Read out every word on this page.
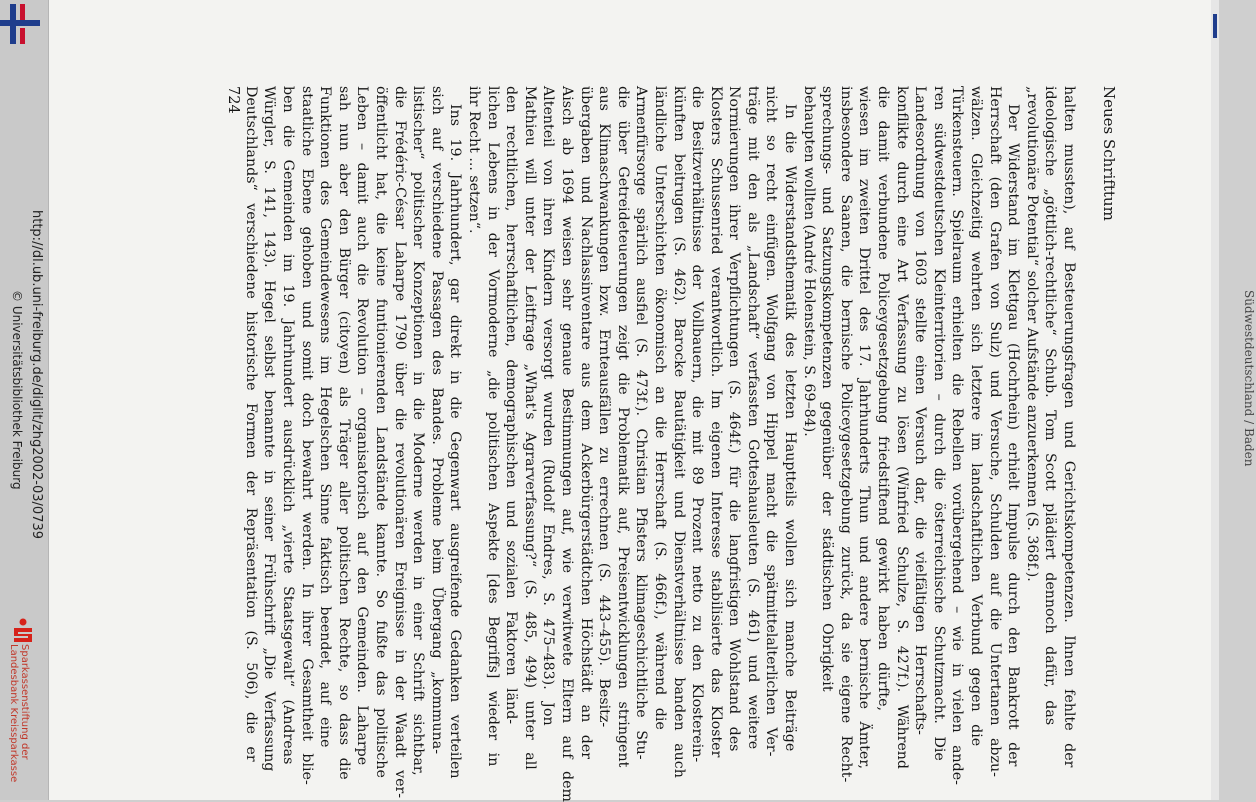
http://dl.ub.uni-freiburg.de/diglit/zhg2002-03/0739
© Universitätsbibliothek Freiburg
Sparkassenstiftung der
Landesbank Kreissparkasse
Südwestdeutschland / Baden
Neues Schrifttum
halten mussten), auf Besteuerungsfragen und Gerichtskompetenzen. Ihnen fehlte der
ideologische „göttlich-rechtliche“ Schub. Tom Scott plädiert dennoch dafür, das
„revolutionäre Potential“ solcher Aufstände anzuerkennen (S. 368f.).
Der Widerstand im Klettgau (Hochrhein) erhielt Impulse durch den Bankrott der
Herrschaft (den Grafen von Sulz) und Versuche, Schulden auf die Untertanen abzu-
wälzen. Gleichzeitig wehrten sich letztere im landschaftlichen Verbund gegen die
Türkensteuern. Spielraum erhielten die Rebellen vorübergehend – wie in vielen ande-
ren südwestdeutschen Kleinterritorien – durch die österreichische Schutzmacht. Die
Landesordnung von 1603 stellte einen Versuch dar, die vielfältigen Herrschafts-
konflikte durch eine Art Verfassung zu lösen (Winfried Schulze, S. 427f.). Während
die damit verbundene Policeygesetzgebung friedstiftend gewirkt haben dürfte,
wiesen im zweiten Drittel des 17. Jahrhunderts Thun und andere bernische Ämter,
insbesondere Saanen, die bernische Policeygesetzgebung zurück, da sie eigene Recht-
sprechungs- und Satzungskompetenzen gegenüber der städtischen Obrigkeit
behaupten wollten (André Holenstein, S. 69–84).
In die Widerstandsthematik des letzten Hauptteils wollen sich manche Beiträge
nicht so recht einfügen. Wolfgang von Hippel macht die spätmittelalterlichen Ver-
träge mit den als „Landschaft“ verfassten Gotteshausleuten (S. 461) und weitere
Normierungen ihrer Verpflichtungen (S. 464f.) für die langfristigen Wohlstand des
Klosters Schussenried verantwortlich. Im eigenen Interesse stabilisierte das Kloster
die Besitzverhältnisse der Vollbauern, die mit 89 Prozent netto zu den Klosterein-
künften beitrugen (S. 462). Barocke Bautätigkeit und Dienstverhältnisse banden auch
ländliche Unterschichten ökonomisch an die Herrschaft (S. 466f.), während die
Armenfürsorge spärlich ausfiel (S. 473f.). Christian Pfisters klimageschichtliche Stu-
die über Getreideteuerungen zeigt die Problematik auf, Preisentwicklungen stringent
aus Klimaschwankungen bzw. Ernteausfällen zu errechnen (S. 443–455). Besitz-
übergaben und Nachlassinventare aus dem Ackerbürgerstädtchen Höchstädt an der
Aisch ab 1694 weisen sehr genaue Bestimmungen auf, wie verwitwete Eltern auf dem
Altenteil von ihren Kindern versorgt wurden (Rudolf Endres, S. 475–483). Jon
Mathieu will unter der Leitfrage „What's Agrarverfassung?“ (S. 485, 494) unter all
den rechtlichen, herrschaftlichen, demographischen und sozialen Faktoren länd-
lichen Lebens in der Vormoderne „die politischen Aspekte [des Begriffs] wieder in
ihr Recht ... setzen“.
Ins 19. Jahrhundert, gar direkt in die Gegenwart ausgreifende Gedanken verteilen
sich auf verschiedene Passagen des Bandes. Probleme beim Übergang „kommuna-
listischer“ politischer Konzeptionen in die Moderne werden in einer Schrift sichtbar,
die Frédéric-César Laharpe 1790 über die revolutionären Ereignisse in der Waadt ver-
öffentlicht hat, die keine funtionierenden Landstände kannte. So fußte das politische
Leben – damit auch die Revolution – organisatorisch auf den Gemeinden. Laharpe
sah nun aber den Bürger (citoyen) als Träger aller politischen Rechte, so dass die
Funktionen des Gemeindewesens im Hegelschen Sinne faktisch beendet, auf eine
staatliche Ebene gehoben und somit doch bewahrt werden. In ihrer Gesamtheit blie-
ben die Gemeinden im 19. Jahrhundert ausdrücklich „vierte Staatsgewalt“ (Andreas
Würgler, S. 141, 143). Hegel selbst benannte in seiner Frühschrift „Die Verfassung
Deutschlands“ verschiedene historische Formen der Repräsentation (S. 506), die er
724
